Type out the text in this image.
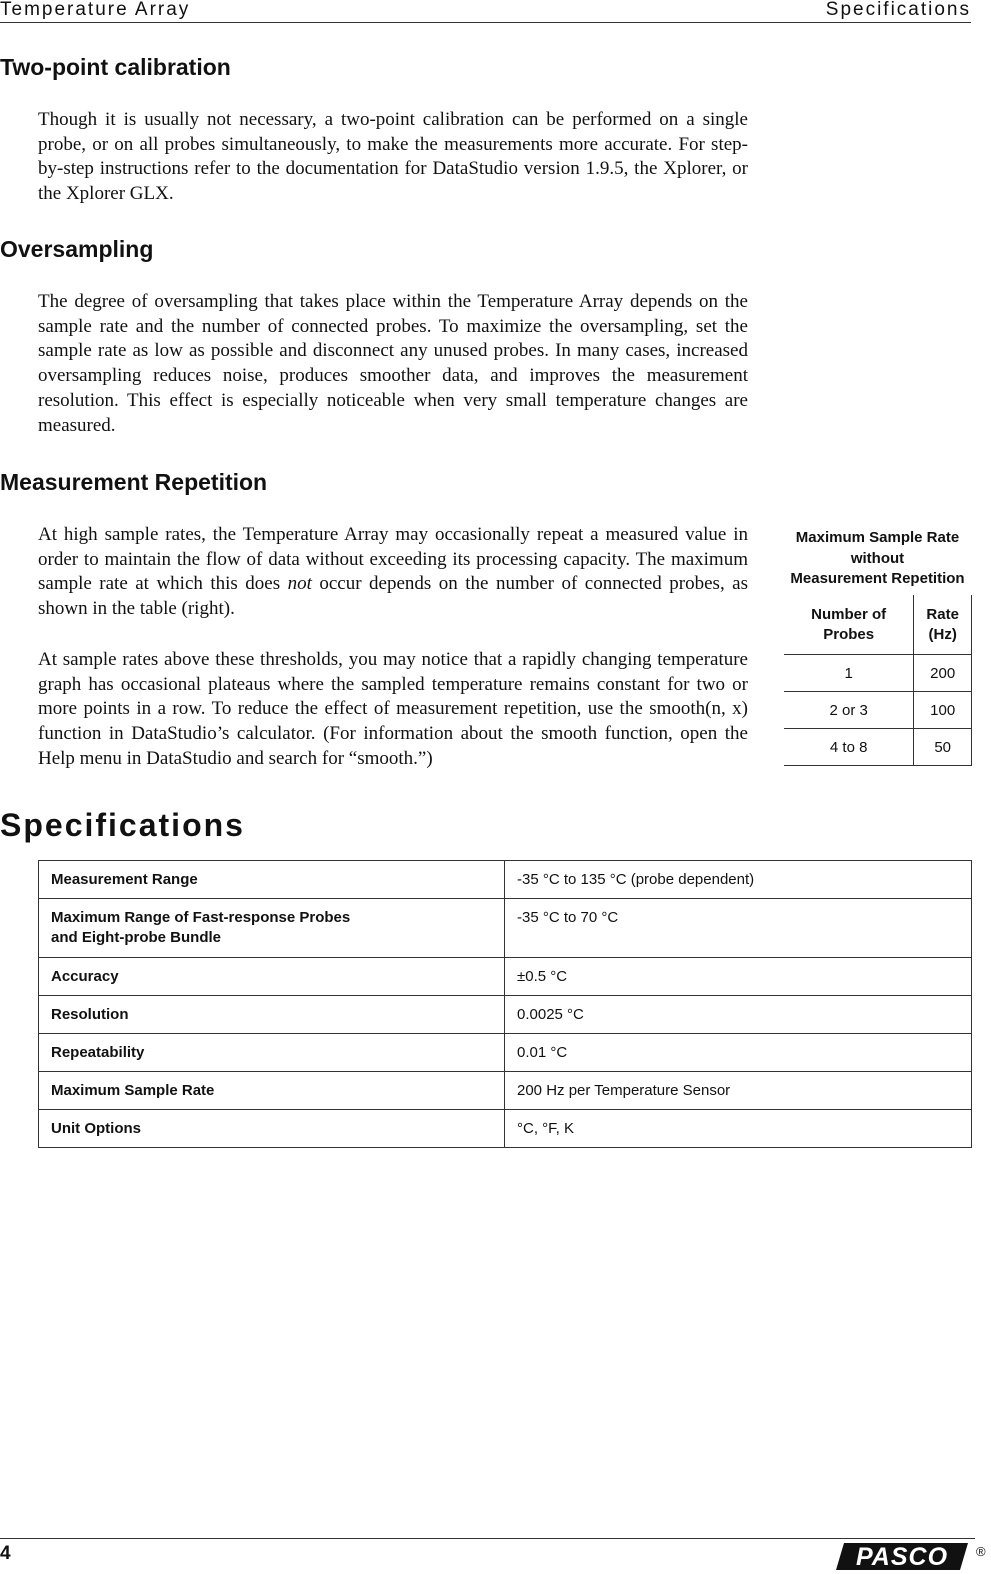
Temperature Array	Specifications
Two-point calibration

Though it is usually not necessary, a two-point calibration can be performed on a single probe, or on all probes simultaneously, to make the measurements more accurate. For step-by-step instructions refer to the documentation for DataStudio version 1.9.5, the Xplorer, or the Xplorer GLX.

Oversampling

The degree of oversampling that takes place within the Temperature Array depends on the sample rate and the number of connected probes. To maximize the oversampling, set the sample rate as low as possible and disconnect any unused probes. In many cases, increased oversampling reduces noise, produces smoother data, and improves the measurement resolution. This effect is especially noticeable when very small temperature changes are measured.

Measurement Repetition

At high sample rates, the Temperature Array may occasionally repeat a measured value in order to maintain the flow of data without exceeding its processing capacity. The maximum sample rate at which this does not occur depends on the number of connected probes, as shown in the table (right).

At sample rates above these thresholds, you may notice that a rapidly changing temperature graph has occasional plateaus where the sampled temperature remains constant for two or more points in a row. To reduce the effect of measurement repetition, use the smooth(n, x) function in DataStudio’s calculator. (For information about the smooth function, open the Help menu in DataStudio and search for “smooth.”)

Maximum Sample Rate
without
Measurement Repetition
Number of
Probes	Rate
(Hz)
1	200
2 or 3	100
4 to 8	50
Specifications
Measurement Range	-35 °C to 135 °C (probe dependent)
Maximum Range of Fast-response Probes
and Eight-probe Bundle	-35 °C to 70 °C
Accuracy	±0.5 °C
Resolution	0.0025 °C
Repeatability	0.01 °C
Maximum Sample Rate	200 Hz per Temperature Sensor
Unit Options	°C, °F, K
4	PASCO ®
